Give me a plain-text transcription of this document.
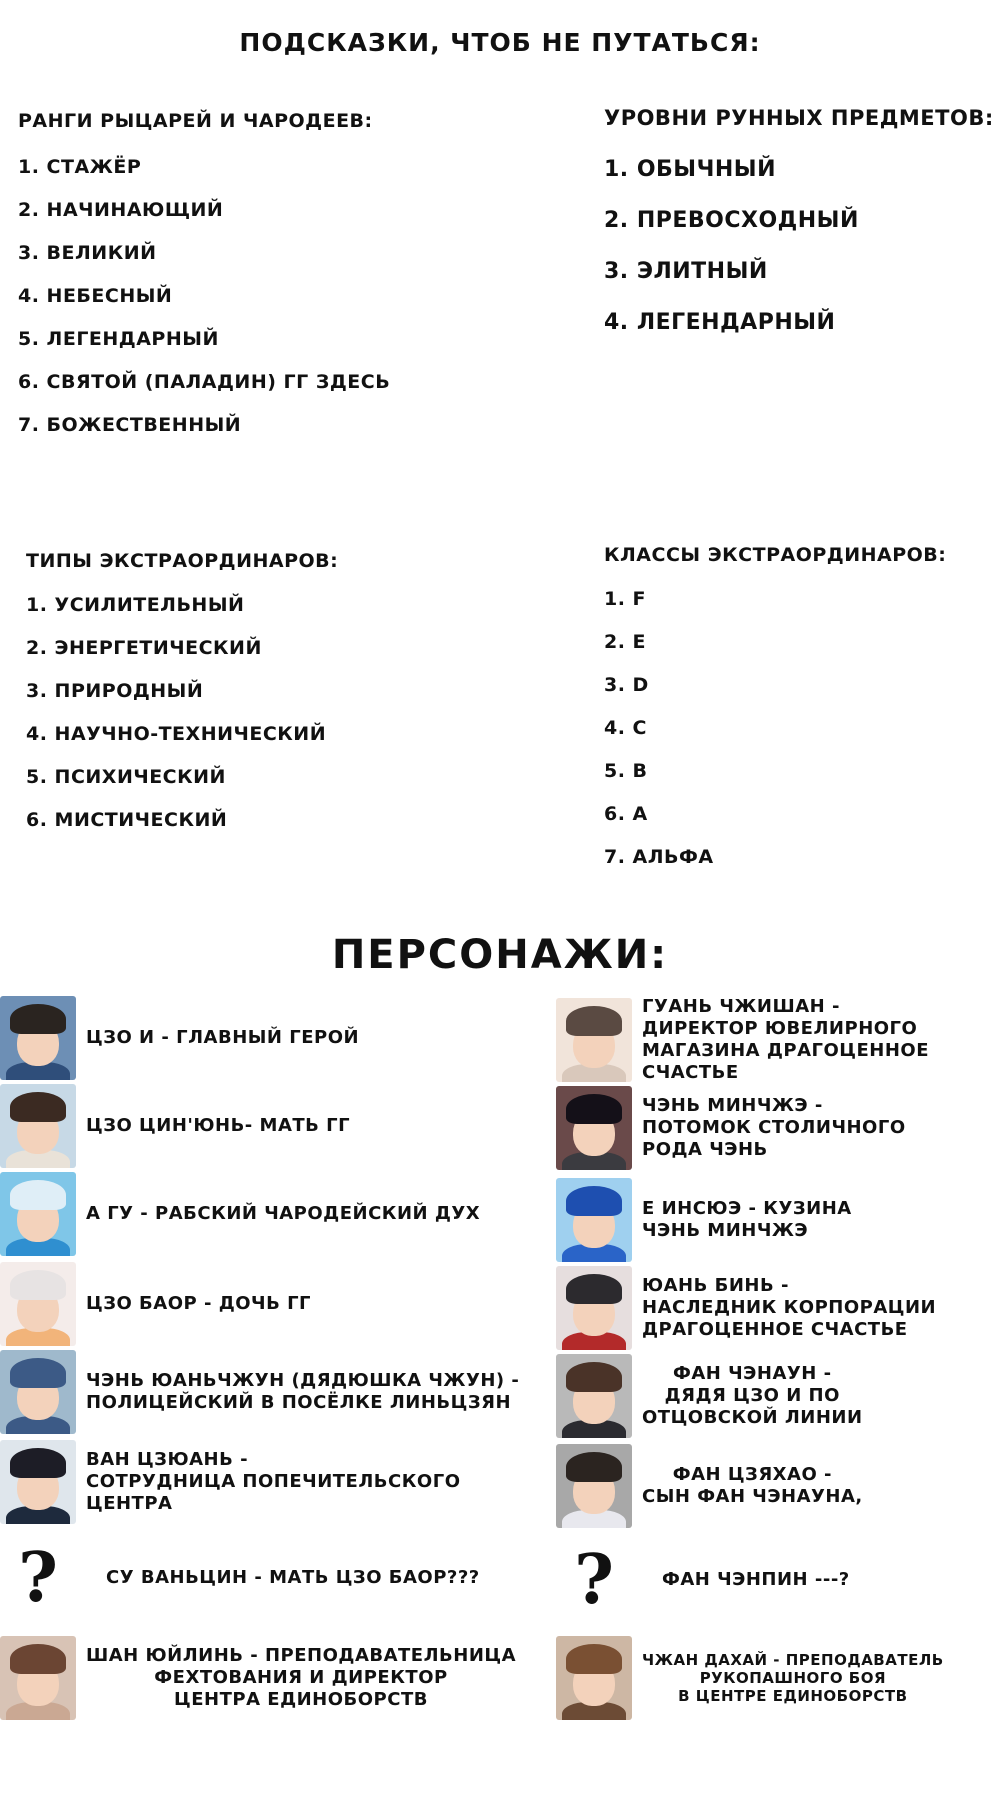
ПОДСКАЗКИ, ЧТОБ НЕ ПУТАТЬСЯ:
РАНГИ РЫЦАРЕЙ И ЧАРОДЕЕВ:
1. СТАЖЁР
2. НАЧИНАЮЩИЙ
3. ВЕЛИКИЙ
4. НЕБЕСНЫЙ
5. ЛЕГЕНДАРНЫЙ
6. СВЯТОЙ (ПАЛАДИН) ГГ ЗДЕСЬ
7. БОЖЕСТВЕННЫЙ
УРОВНИ РУННЫХ ПРЕДМЕТОВ:
1. ОБЫЧНЫЙ
2. ПРЕВОСХОДНЫЙ
3. ЭЛИТНЫЙ
4. ЛЕГЕНДАРНЫЙ
ТИПЫ ЭКСТРАОРДИНАРОВ:
1. УСИЛИТЕЛЬНЫЙ
2. ЭНЕРГЕТИЧЕСКИЙ
3. ПРИРОДНЫЙ
4. НАУЧНО-ТЕХНИЧЕСКИЙ
5. ПСИХИЧЕСКИЙ
6. МИСТИЧЕСКИЙ
КЛАССЫ ЭКСТРАОРДИНАРОВ:
1. F
2. E
3. D
4. C
5. B
6. A
7. АЛЬФА
ПЕРСОНАЖИ:
ЦЗО И - ГЛАВНЫЙ ГЕРОЙ
ЦЗО ЦИН'ЮНЬ- МАТЬ ГГ
А ГУ - РАБСКИЙ ЧАРОДЕЙСКИЙ ДУХ
ЦЗО БАОР - ДОЧЬ ГГ
ЧЭНЬ ЮАНЬЧЖУН (ДЯДЮШКА ЧЖУН) -
ПОЛИЦЕЙСКИЙ В ПОСЁЛКЕ ЛИНЬЦЗЯН
ВАН ЦЗЮАНЬ -
СОТРУДНИЦА ПОПЕЧИТЕЛЬСКОГО
ЦЕНТРА
?	СУ ВАНЬЦИН - МАТЬ ЦЗО БАОР???
ШАН ЮЙЛИНЬ - ПРЕПОДАВАТЕЛЬНИЦА
ФЕХТОВАНИЯ И ДИРЕКТОР
ЦЕНТРА ЕДИНОБОРСТВ
ГУАНЬ ЧЖИШАН -
ДИРЕКТОР ЮВЕЛИРНОГО
МАГАЗИНА ДРАГОЦЕННОЕ СЧАСТЬЕ
ЧЭНЬ МИНЧЖЭ -
ПОТОМОК СТОЛИЧНОГО
РОДА ЧЭНЬ
Е ИНСЮЭ - КУЗИНА
ЧЭНЬ МИНЧЖЭ
ЮАНЬ БИНЬ -
НАСЛЕДНИК КОРПОРАЦИИ
ДРАГОЦЕННОЕ СЧАСТЬЕ
ФАН ЧЭНАУН -
ДЯДЯ ЦЗО И ПО
ОТЦОВСКОЙ ЛИНИИ
ФАН ЦЗЯХАО -
СЫН ФАН ЧЭНАУНА,
?	ФАН ЧЭНПИН ---?
ЧЖАН ДАХАЙ - ПРЕПОДАВАТЕЛЬ
РУКОПАШНОГО БОЯ
В ЦЕНТРЕ ЕДИНОБОРСТВ
